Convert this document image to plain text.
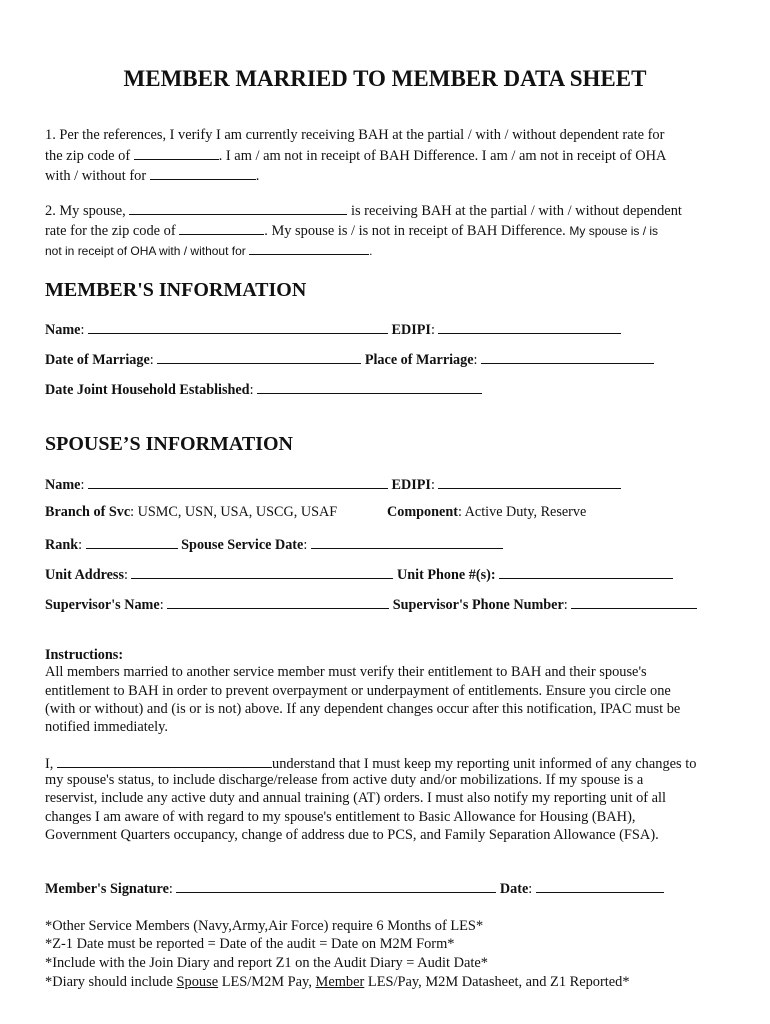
MEMBER MARRIED TO MEMBER DATA SHEET
1. Per the references, I verify I am currently receiving BAH at the partial / with / without dependent rate for
the zip code of	. I am / am not in receipt of BAH Difference. I am / am not in receipt of OHA
with / without for	.
2. My spouse,	is receiving BAH at the partial / with / without dependent
rate for the zip code of	. My spouse is / is not in receipt of BAH Difference. My spouse is / is
not in receipt of OHA with / without for	.
MEMBER'S INFORMATION
Name:	EDIPI:
Date of Marriage:	Place of Marriage:
Date Joint Household Established:
SPOUSE’S INFORMATION
Name:	EDIPI:
Branch of Svc: USMC, USN, USA, USCG, USAF	Component: Active Duty, Reserve
Rank:	Spouse Service Date:
Unit Address:	Unit Phone #(s):
Supervisor's Name:	Supervisor's Phone Number:
Instructions:
All members married to another service member must verify their entitlement to BAH and their spouse's
entitlement to BAH in order to prevent overpayment or underpayment of entitlements. Ensure you circle one
(with or without) and (is or is not) above. If any dependent changes occur after this notification, IPAC must be
notified immediately.
I,	understand that I must keep my reporting unit informed of any changes to
my spouse's status, to include discharge/release from active duty and/or mobilizations. If my spouse is a
reservist, include any active duty and annual training (AT) orders. I must also notify my reporting unit of all
changes I am aware of with regard to my spouse's entitlement to Basic Allowance for Housing (BAH),
Government Quarters occupancy, change of address due to PCS, and Family Separation Allowance (FSA).
Member's Signature:	Date:
*Other Service Members (Navy,Army,Air Force) require 6 Months of LES*
*Z-1 Date must be reported = Date of the audit = Date on M2M Form*
*Include with the Join Diary and report Z1 on the Audit Diary = Audit Date*
*Diary should include Spouse LES/M2M Pay, Member LES/Pay, M2M Datasheet, and Z1 Reported*
